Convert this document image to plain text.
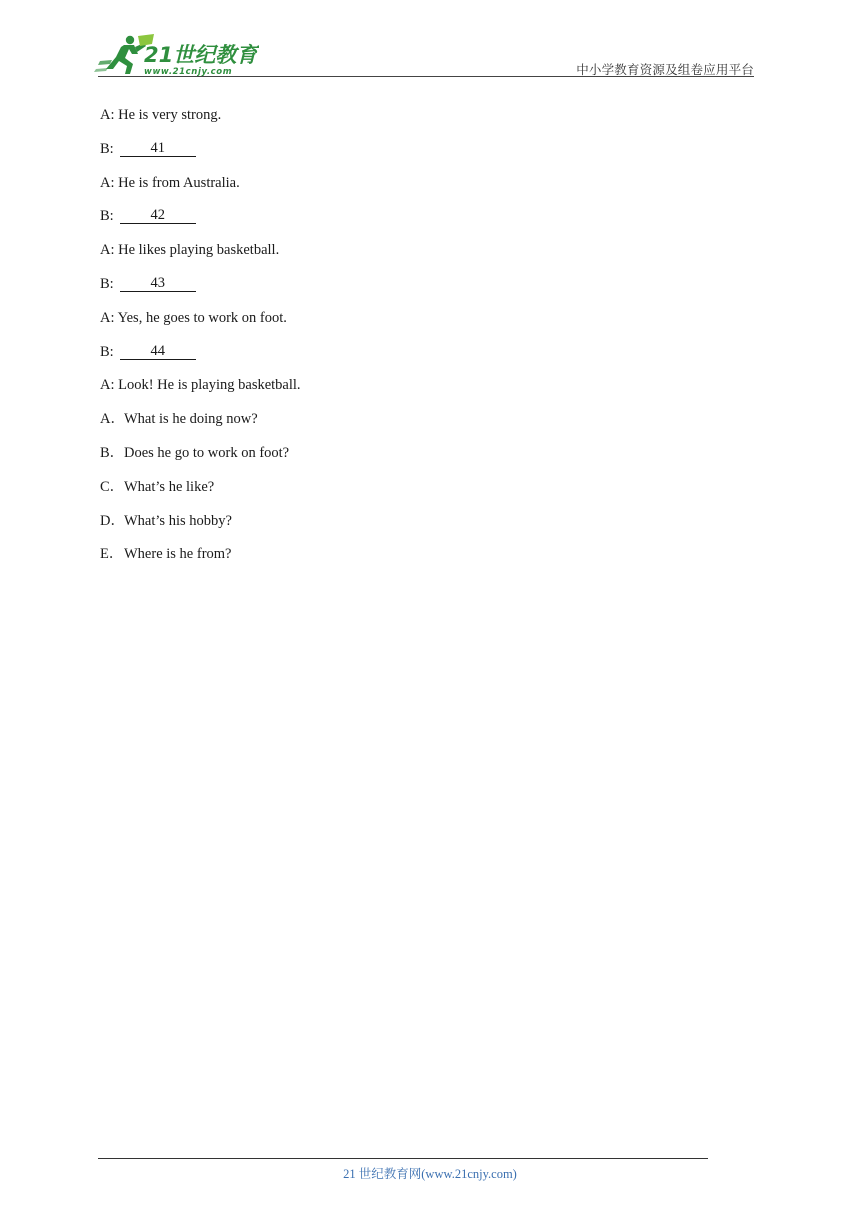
21世纪教育
www.21cnjy.com	中小学教育资源及组卷应用平台
A: He is very strong.
B:	41
A: He is from Australia.
B:	42
A: He likes playing basketball.
B:	43
A: Yes, he goes to work on foot.
B:	44
A: Look! He is playing basketball.
A．What is he doing now?
B．Does he go to work on foot?
C．What’s he like?
D．What’s his hobby?
E．Where is he from?
21 世纪教育网(www.21cnjy.com)
